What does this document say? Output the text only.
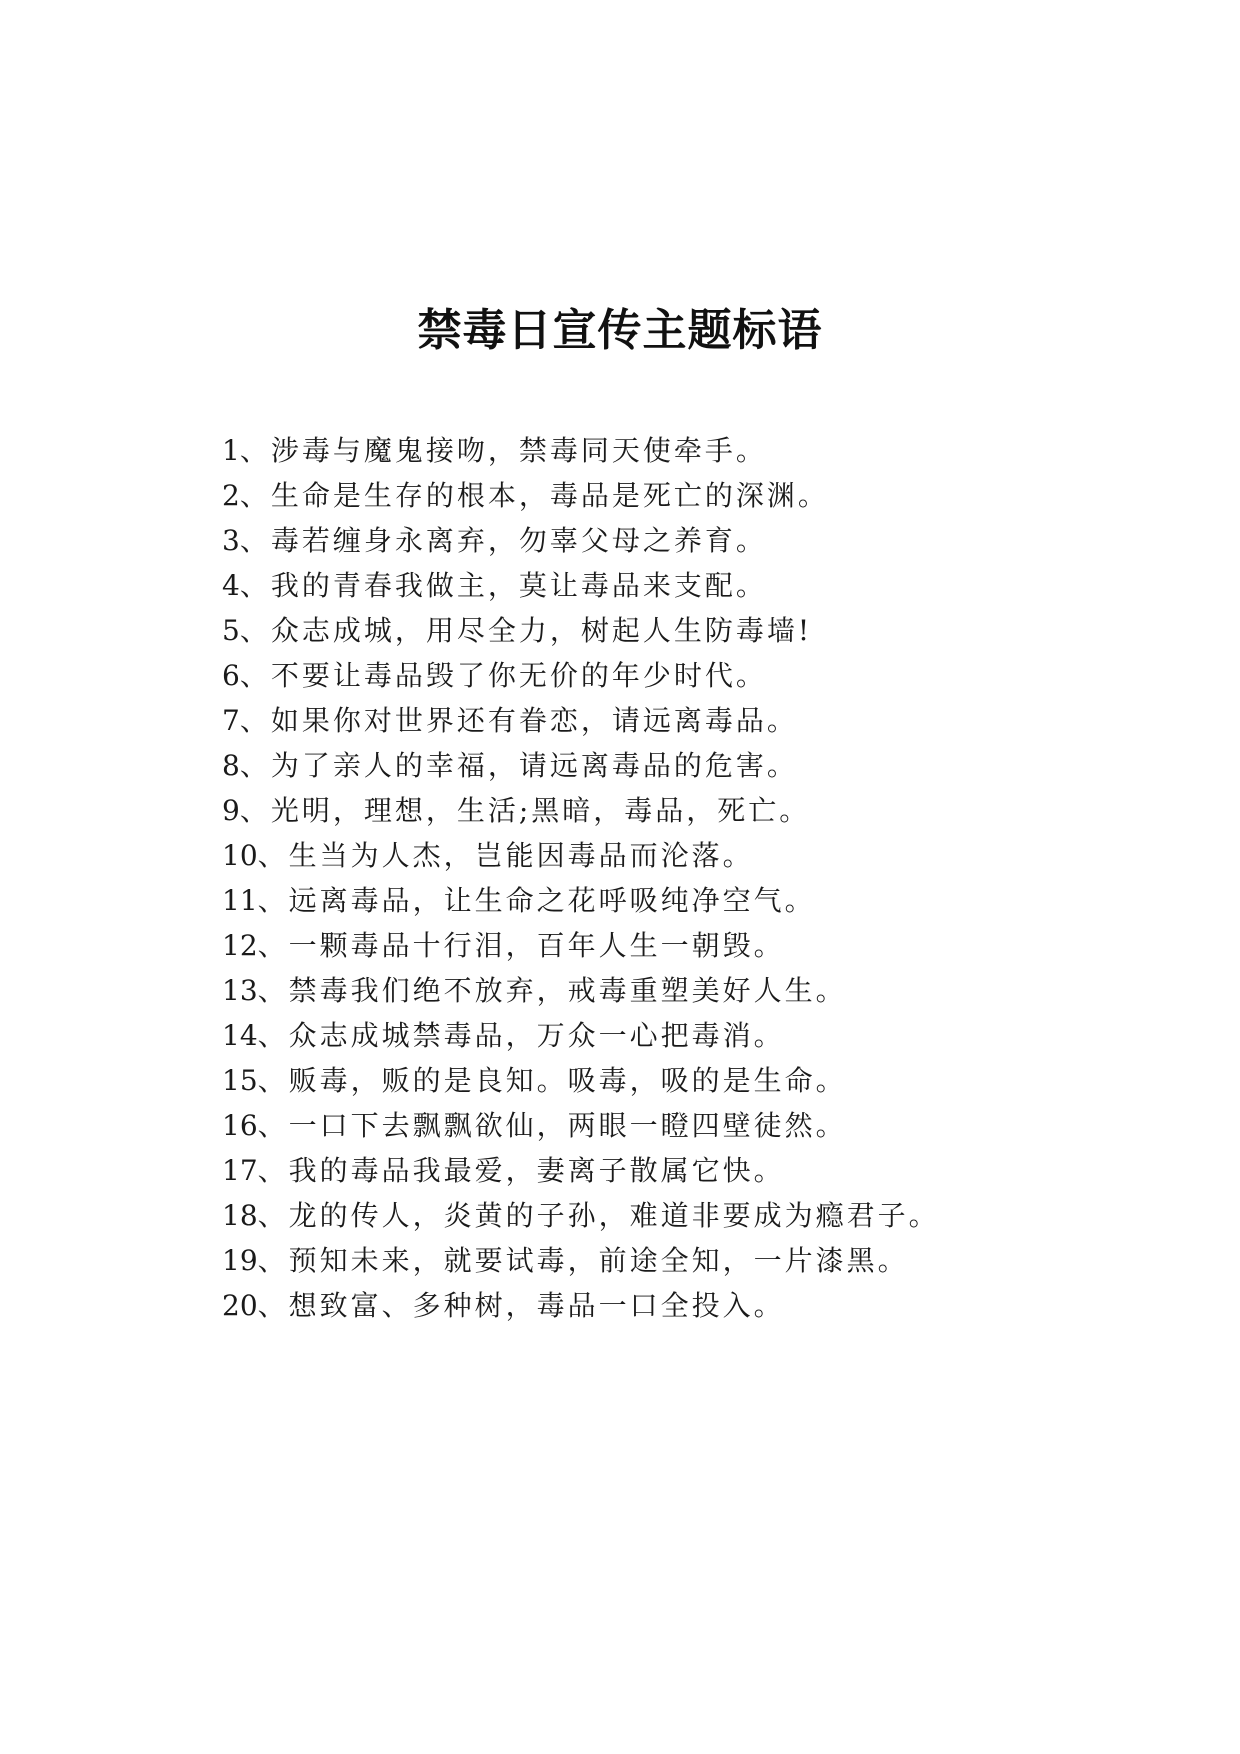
禁毒日宣传主题标语
1、涉毒与魔鬼接吻，禁毒同天使牵手。
2、生命是生存的根本，毒品是死亡的深渊。
3、毒若缠身永离弃，勿辜父母之养育。
4、我的青春我做主，莫让毒品来支配。
5、众志成城，用尽全力，树起人生防毒墙!
6、不要让毒品毁了你无价的年少时代。
7、如果你对世界还有眷恋，请远离毒品。
8、为了亲人的幸福，请远离毒品的危害。
9、光明，理想，生活;黑暗，毒品，死亡。
10、生当为人杰，岂能因毒品而沦落。
11、远离毒品，让生命之花呼吸纯净空气。
12、一颗毒品十行泪，百年人生一朝毁。
13、禁毒我们绝不放弃，戒毒重塑美好人生。
14、众志成城禁毒品，万众一心把毒消。
15、贩毒，贩的是良知。吸毒，吸的是生命。
16、一口下去飘飘欲仙，两眼一瞪四壁徒然。
17、我的毒品我最爱，妻离子散属它快。
18、龙的传人，炎黄的子孙，难道非要成为瘾君子。
19、预知未来，就要试毒，前途全知，一片漆黑。
20、想致富、多种树，毒品一口全投入。
